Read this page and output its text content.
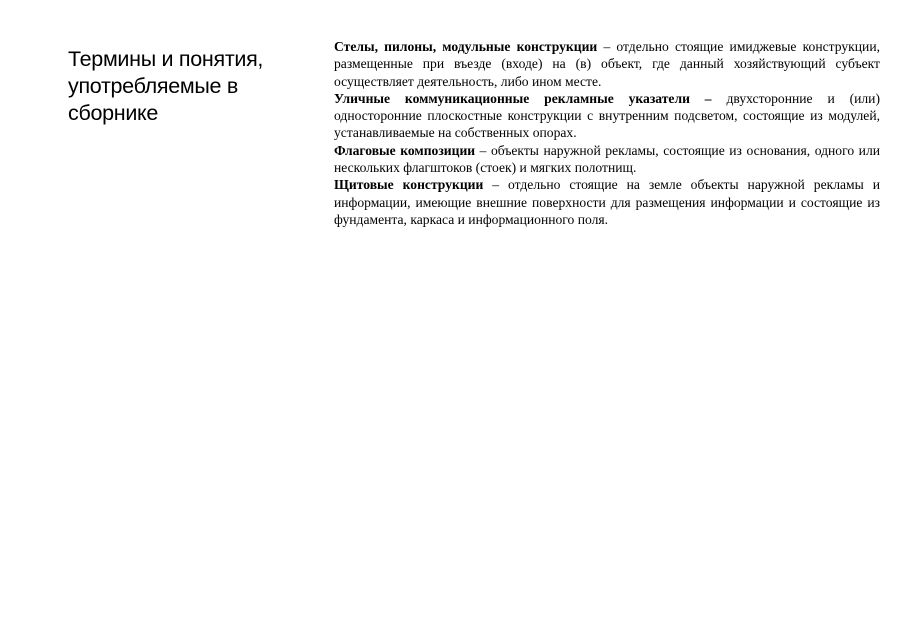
Термины и понятия, употребляемые в сборнике

Стелы, пилоны, модульные конструкции – отдельно стоящие имиджевые конструкции, размещенные при въезде (входе) на (в) объект, где данный хозяйствующий субъект осуществляет деятельность, либо ином месте.

Уличные коммуникационные рекламные указатели – двухсторонние и (или) односторонние плоскостные конструкции с внутренним подсветом, состоящие из модулей, устанавливаемые на собственных опорах.

Флаговые композиции – объекты наружной рекламы, состоящие из основания, одного или нескольких флагштоков (стоек) и мягких полотнищ.

Щитовые конструкции – отдельно стоящие на земле объекты наружной рекламы и информации, имеющие внешние поверхности для размещения информации и состоящие из фундамента, каркаса и информационного поля.
